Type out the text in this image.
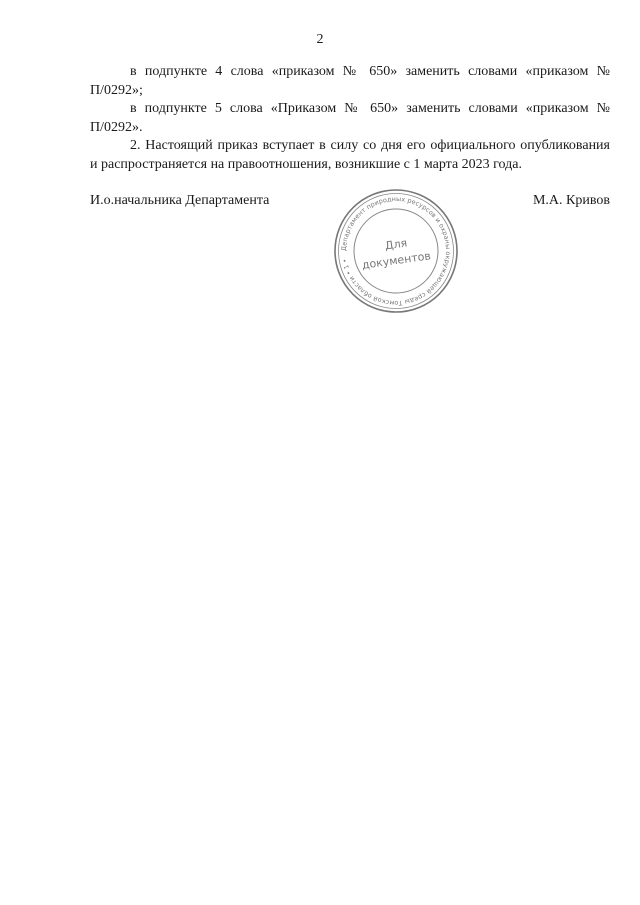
2

в подпункте 4 слова «приказом № 650» заменить словами «приказом №
П/0292»;

в подпункте 5 слова «Приказом № 650» заменить словами «приказом №
П/0292».

2. Настоящий приказ вступает в силу со дня его официального опубликования
и распространяется на правоотношения, возникшие с 1 марта 2023 года.

И.о.начальника Департамента	М.А. Кривов
Департамент природных ресурсов и охраны окружающей среды Томской области • 1 •
Для
документов
